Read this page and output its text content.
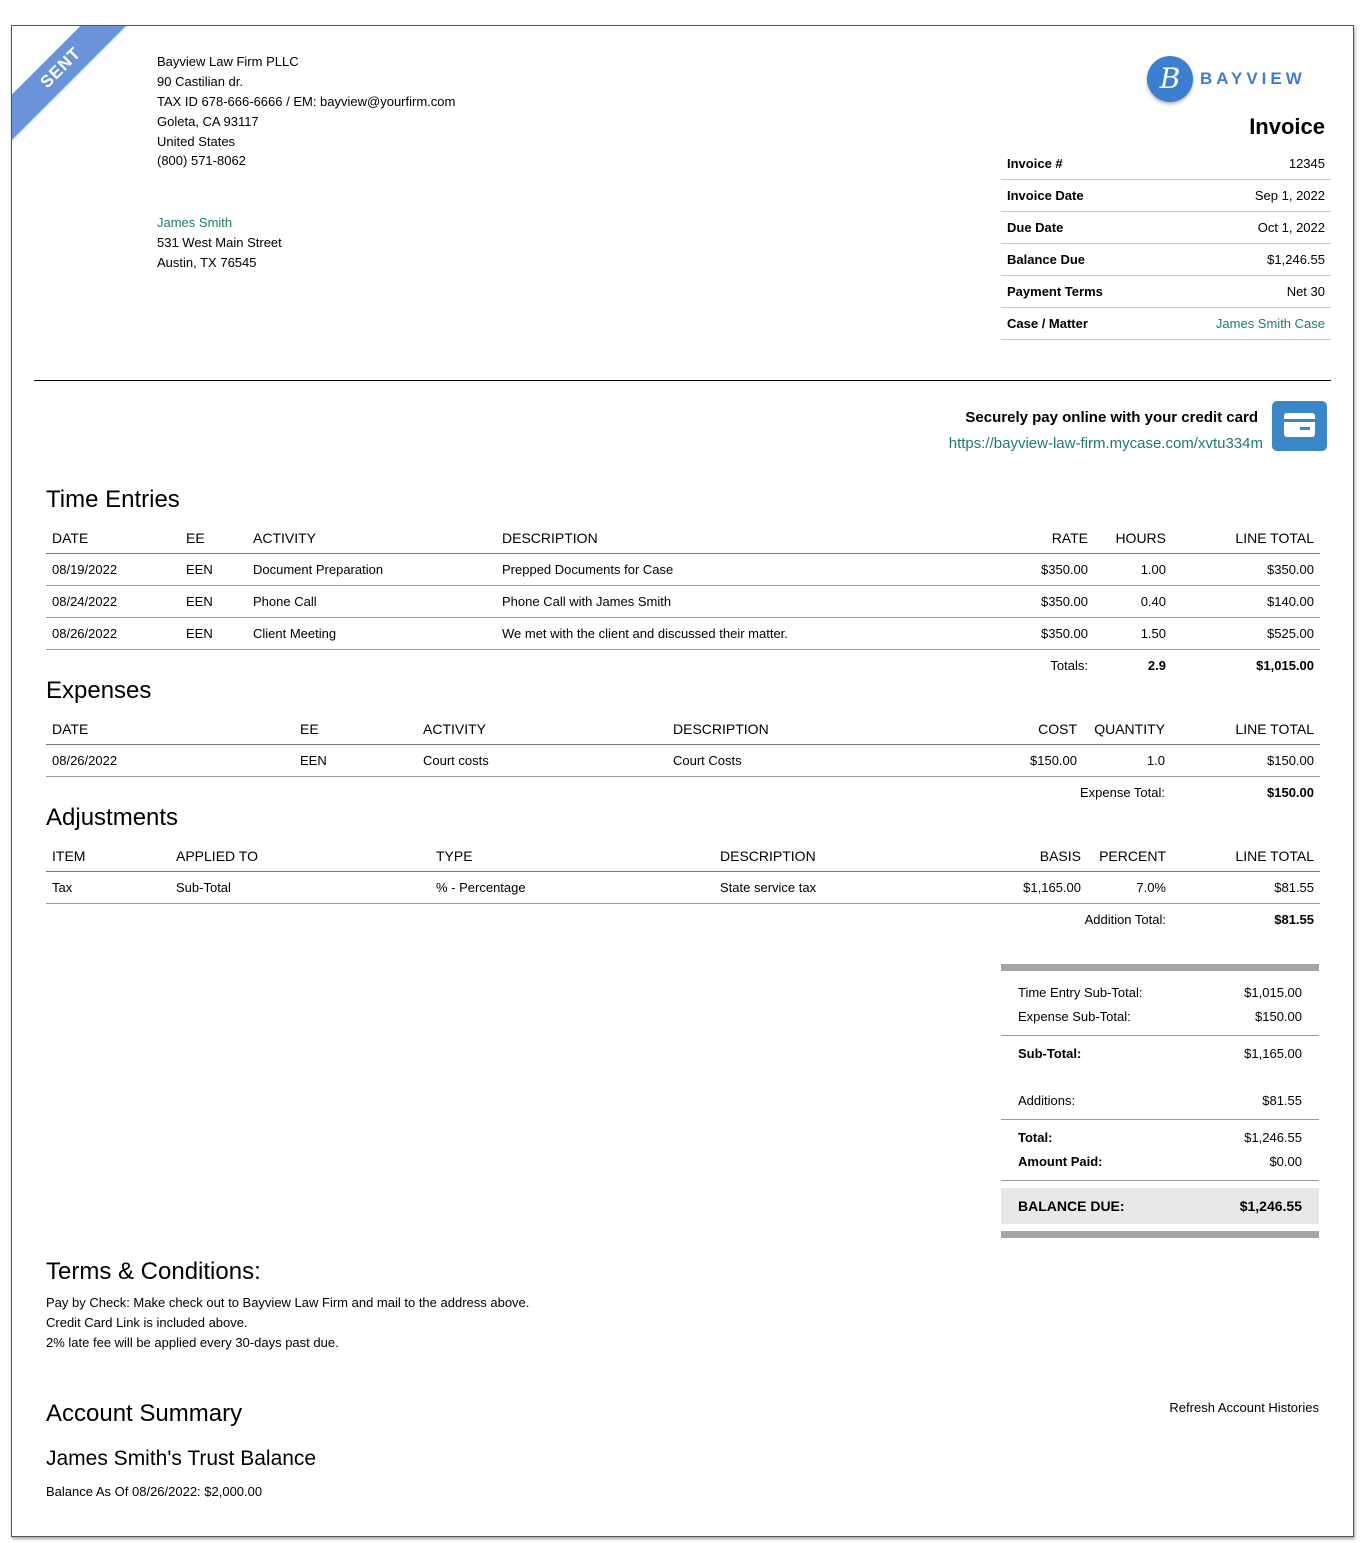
SENT	Bayview Law Firm PLLC
90 Castilian dr.
TAX ID 678-666-6666 / EM: bayview@yourfirm.com
Goleta, CA 93117
United States
(800) 571-8062
James Smith
531 West Main Street
Austin, TX 76545
B	BAYVIEW
Invoice
Invoice #	12345
Invoice Date	Sep 1, 2022
Due Date	Oct 1, 2022
Balance Due	$1,246.55
Payment Terms	Net 30
Case / Matter	James Smith Case
Securely pay online with your credit card
https://bayview-law-firm.mycase.com/xvtu334m
Time Entries
DATE	EE	ACTIVITY	DESCRIPTION	RATE	HOURS	LINE TOTAL
08/19/2022	EEN	Document Preparation	Prepped Documents for Case	$350.00	1.00	$350.00
08/24/2022	EEN	Phone Call	Phone Call with James Smith	$350.00	0.40	$140.00
08/26/2022	EEN	Client Meeting	We met with the client and discussed their matter.	$350.00	1.50	$525.00
				Totals:	2.9	$1,015.00
Expenses
DATE	EE	ACTIVITY	DESCRIPTION	COST	QUANTITY	LINE TOTAL
08/26/2022	EEN	Court costs	Court Costs	$150.00	1.0	$150.00
				Expense Total:		$150.00
Adjustments
ITEM	APPLIED TO	TYPE	DESCRIPTION	BASIS	PERCENT	LINE TOTAL
Tax	Sub-Total	% - Percentage	State service tax	$1,165.00	7.0%	$81.55
				Addition Total:		$81.55
Time Entry Sub-Total:	$1,015.00
Expense Sub-Total:	$150.00
Sub-Total:	$1,165.00
Additions:	$81.55
Total:	$1,246.55
Amount Paid:	$0.00
BALANCE DUE:	$1,246.55
Terms & Conditions:
Pay by Check: Make check out to Bayview Law Firm and mail to the address above.
Credit Card Link is included above.
2% late fee will be applied every 30-days past due.
Account Summary	Refresh Account Histories
James Smith's Trust Balance
Balance As Of 08/26/2022: $2,000.00
